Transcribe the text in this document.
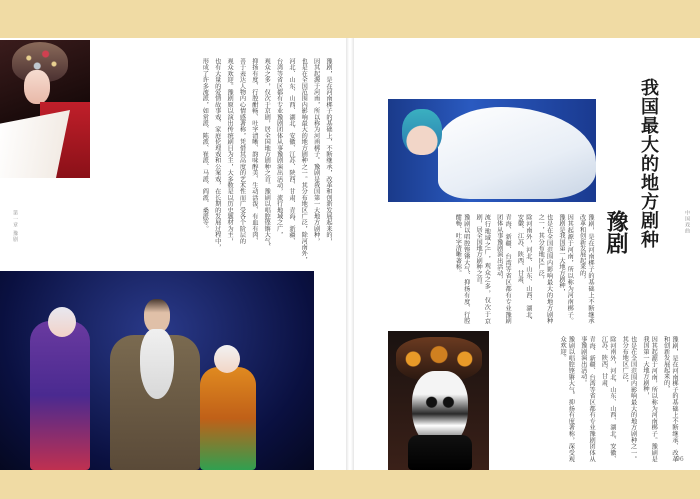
豫剧，是在河南梆子的基础上，不断继承，改革和创新发展起来的，

因其起源于河南，所以称为河南梆子。豫剧是我国第一大地方剧种，

也是在全国范围内影响最大的地方剧种之一。其分布地区广泛，除河南外，

河北、山东、山西、湖北、安徽、江苏、陕西、甘肃、青海、新疆、

台湾等省区都有专业豫剧团体从事豫剧演出活动，流行地域之广，

观众之多，仅次于京剧，居全国地方剧种之首。豫剧以唱腔铿锵大气、

抑扬有度、行腔酣畅、吐字清晰、韵味醇美、生动活泼、有血有肉、

善于表达人物内心情感著称，凭借其高度的艺术性而广受各个阶层的

观众欢迎。豫剧原以演出传统剧目为主，大多数是以历史题材为主，

也有大量的爱情故事戏、家庭伦理戏和公案戏，在长期的发展过程中，

形成了许多流派，如常派、陈派、崔派、马派、阎派、桑派等。

第一章 豫剧	中国戏曲
我国最大的地方剧种
豫剧

豫剧，是在河南梆子的基础上不断继承改革和创新发展起来的，

因其起源于河南，所以称为河南梆子。豫剧是我国第一大地方剧种，

也是在全国范围内影响最大的地方剧种之一，其分布地区广泛，

除河南外，河北、山东、山西、湖北、安徽、江苏、陕西、甘肃、

青海、新疆、台湾等省区都有专业豫剧团体从事豫剧演出活动，

流行地域之广，观众之多，仅次于京剧，居全国地方剧种之首。

豫剧以唱腔铿锵大气、抑扬有度、行腔酣畅、吐字清晰著称。

豫剧，是在河南梆子的基础上不断继承、改革和创新发展起来的，

因其起源于河南，所以称为河南梆子。豫剧是我国第一大地方剧种，

也是在全国范围内影响最大的地方剧种之一。其分布地区广泛，

除河南外，河北、山东、山西、湖北、安徽、江苏、陕西、甘肃、

青海、新疆、台湾等省区都有专业豫剧团体从事豫剧演出活动。

豫剧以唱腔铿锵大气、抑扬有度著称，深受观众欢迎。

96
